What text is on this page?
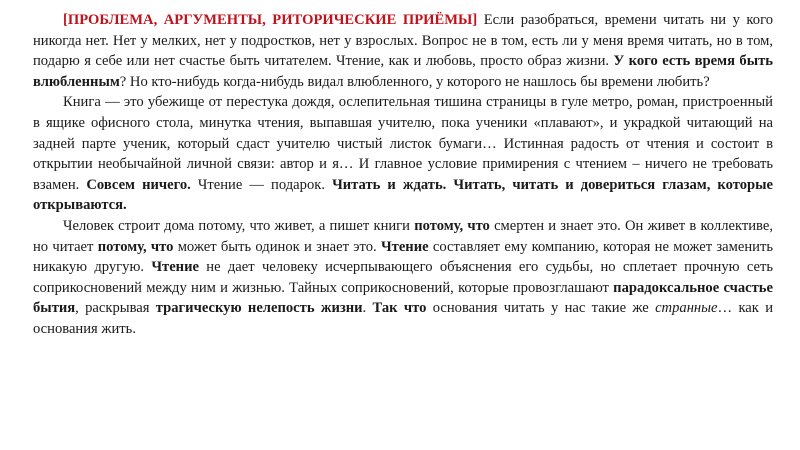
[ПРОБЛЕМА, АРГУМЕНТЫ, РИТОРИЧЕСКИЕ ПРИЁМЫ] Если разобраться, времени читать ни у кого никогда нет. Нет у мелких, нет у подростков, нет у взрослых. Вопрос не в том, есть ли у меня время читать, но в том, подарю я себе или нет счастье быть читателем. Чтение, как и любовь, просто образ жизни. У кого есть время быть влюбленным? Но кто-нибудь когда-нибудь видал влюбленного, у которого не нашлось бы времени любить?

Книга — это убежище от перестука дождя, ослепительная тишина страницы в гуле метро, роман, пристроенный в ящике офисного стола, минутка чтения, выпавшая учителю, пока ученики «плавают», и украдкой читающий на задней парте ученик, который сдаст учителю чистый листок бумаги… Истинная радость от чтения и состоит в открытии необычайной личной связи: автор и я… И главное условие примирения с чтением – ничего не требовать взамен. Совсем ничего. Чтение — подарок. Читать и ждать. Читать, читать и довериться глазам, которые открываются.

Человек строит дома потому, что живет, а пишет книги потому, что смертен и знает это. Он живет в коллективе, но читает потому, что может быть одинок и знает это. Чтение составляет ему компанию, которая не может заменить никакую другую. Чтение не дает человеку исчерпывающего объяснения его судьбы, но сплетает прочную сеть соприкосновений между ним и жизнью. Тайных соприкосновений, которые провозглашают парадоксальное счастье бытия, раскрывая трагическую нелепость жизни. Так что основания читать у нас такие же странные… как и основания жить.
